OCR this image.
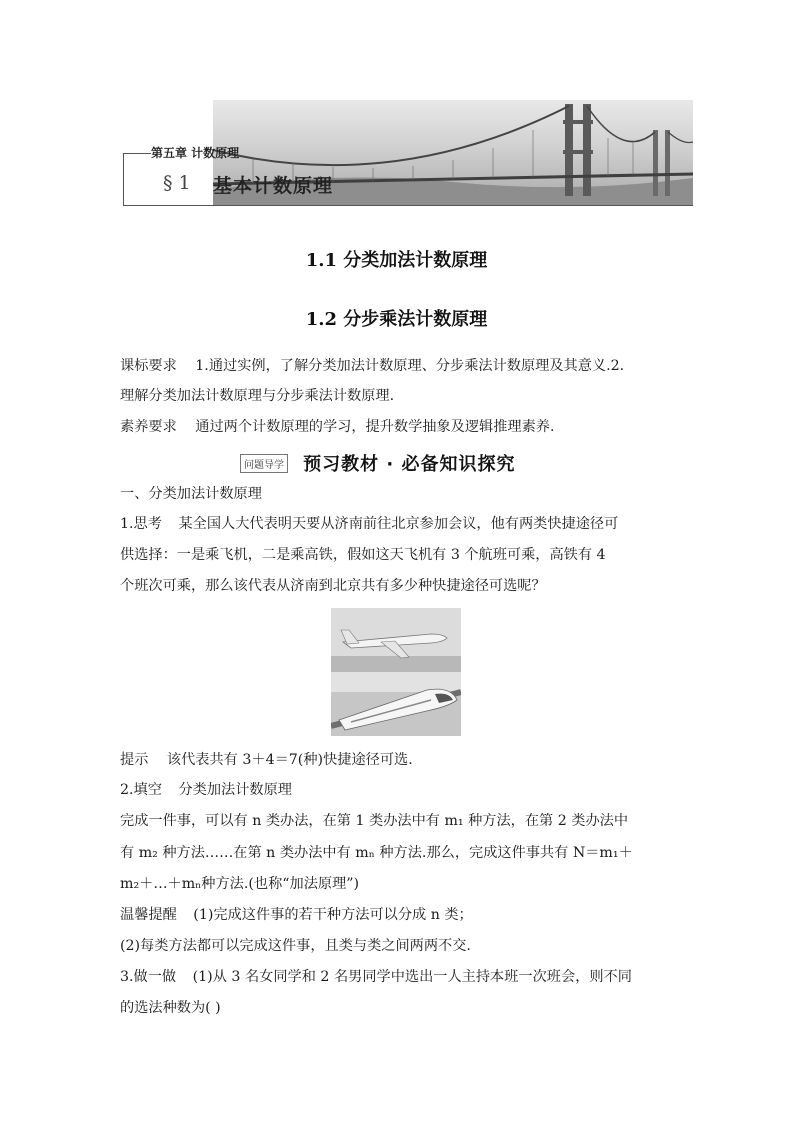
第五章 计数原理
§ 1 基本计数原理
1.1 分类加法计数原理
1.2 分步乘法计数原理
课标要求 1.通过实例，了解分类加法计数原理、分步乘法计数原理及其意义.2.
理解分类加法计数原理与分步乘法计数原理.
素养要求 通过两个计数原理的学习，提升数学抽象及逻辑推理素养.
问题导学 预习教材 · 必备知识探究
一、分类加法计数原理
1.思考 某全国人大代表明天要从济南前往北京参加会议，他有两类快捷途径可
供选择：一是乘飞机，二是乘高铁，假如这天飞机有 3 个航班可乘，高铁有 4
个班次可乘，那么该代表从济南到北京共有多少种快捷途径可选呢？
提示 该代表共有 3＋4＝7(种)快捷途径可选.
2.填空 分类加法计数原理
完成一件事，可以有 n 类办法，在第 1 类办法中有 m₁ 种方法，在第 2 类办法中
有 m₂ 种方法……在第 n 类办法中有 mₙ 种方法.那么，完成这件事共有 N＝m₁＋
m₂＋…＋mₙ种方法.(也称“加法原理”)
温馨提醒 (1)完成这件事的若干种方法可以分成 n 类；
(2)每类方法都可以完成这件事，且类与类之间两两不交.
3.做一做 (1)从 3 名女同学和 2 名男同学中选出一人主持本班一次班会，则不同
的选法种数为( )
